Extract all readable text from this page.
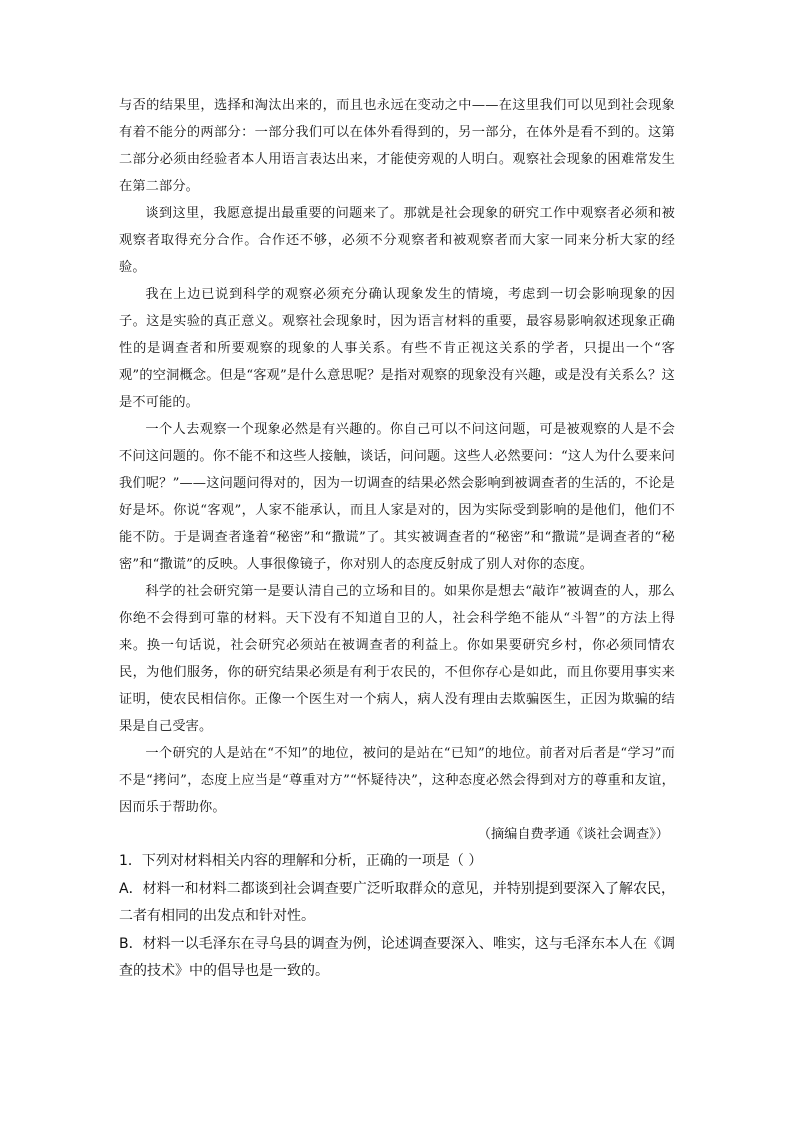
与否的结果里，选择和淘汰出来的，而且也永远在变动之中——在这里我们可以见到社会现象有着不能分的两部分：一部分我们可以在体外看得到的，另一部分，在体外是看不到的。这第二部分必须由经验者本人用语言表达出来，才能使旁观的人明白。观察社会现象的困难常发生在第二部分。

谈到这里，我愿意提出最重要的问题来了。那就是社会现象的研究工作中观察者必须和被观察者取得充分合作。合作还不够，必须不分观察者和被观察者而大家一同来分析大家的经验。

我在上边已说到科学的观察必须充分确认现象发生的情境，考虑到一切会影响现象的因子。这是实验的真正意义。观察社会现象时，因为语言材料的重要，最容易影响叙述现象正确性的是调查者和所要观察的现象的人事关系。有些不肯正视这关系的学者，只提出一个“客观”的空洞概念。但是“客观”是什么意思呢？是指对观察的现象没有兴趣，或是没有关系么？这是不可能的。

一个人去观察一个现象必然是有兴趣的。你自己可以不问这问题，可是被观察的人是不会不问这问题的。你不能不和这些人接触，谈话，问问题。这些人必然要问：“这人为什么要来问我们呢？”——这问题问得对的，因为一切调查的结果必然会影响到被调查者的生活的，不论是好是坏。你说“客观”，人家不能承认，而且人家是对的，因为实际受到影响的是他们，他们不能不防。于是调查者逢着“秘密”和“撒谎”了。其实被调查者的“秘密”和“撒谎”是调查者的“秘密”和“撒谎”的反映。人事很像镜子，你对别人的态度反射成了别人对你的态度。

科学的社会研究第一是要认清自己的立场和目的。如果你是想去“敲诈”被调查的人，那么你绝不会得到可靠的材料。天下没有不知道自卫的人，社会科学绝不能从“斗智”的方法上得来。换一句话说，社会研究必须站在被调查者的利益上。你如果要研究乡村，你必须同情农民，为他们服务，你的研究结果必须是有利于农民的，不但你存心是如此，而且你要用事实来证明，使农民相信你。正像一个医生对一个病人，病人没有理由去欺骗医生，正因为欺骗的结果是自己受害。

一个研究的人是站在“不知”的地位，被问的是站在“已知”的地位。前者对后者是“学习”而不是“拷问”，态度上应当是“尊重对方”“怀疑待决”，这种态度必然会得到对方的尊重和友谊，因而乐于帮助你。

（摘编自费孝通《谈社会调查》）

1．下列对材料相关内容的理解和分析，正确的一项是（ ）

A．材料一和材料二都谈到社会调查要广泛听取群众的意见，并特别提到要深入了解农民，二者有相同的出发点和针对性。

B．材料一以毛泽东在寻乌县的调查为例，论述调查要深入、唯实，这与毛泽东本人在《调查的技术》中的倡导也是一致的。
